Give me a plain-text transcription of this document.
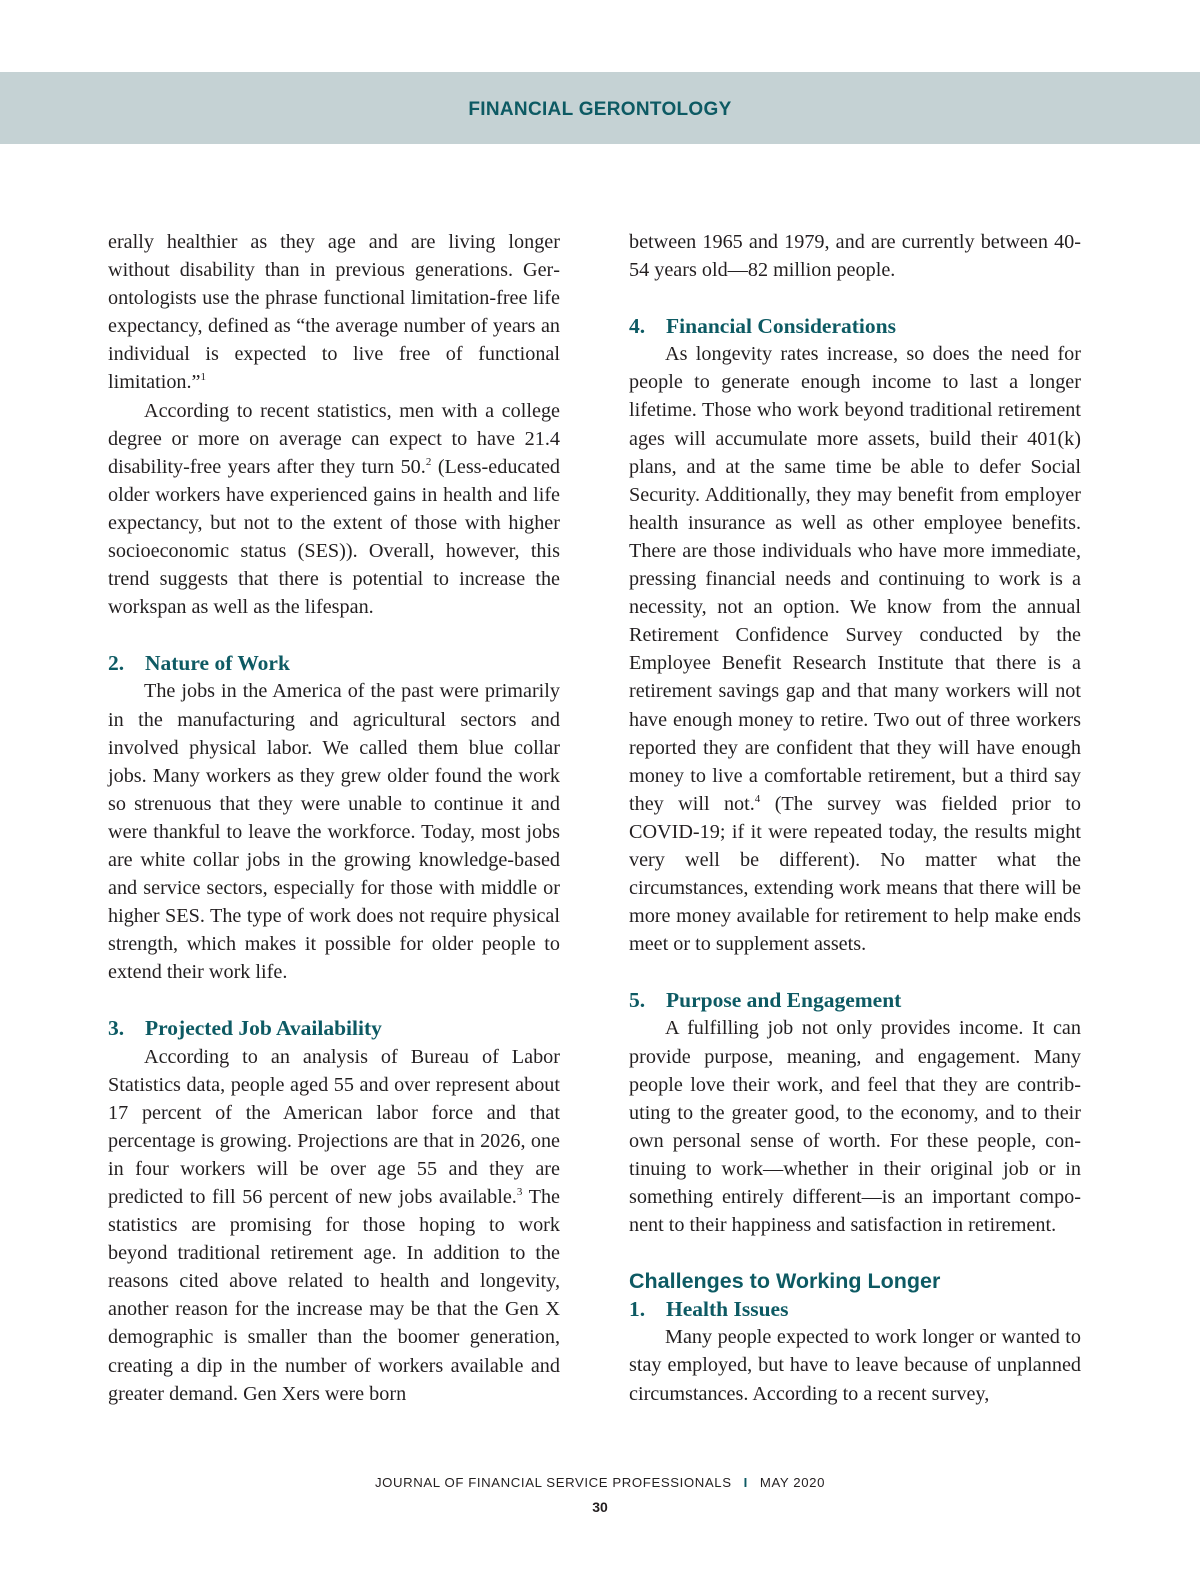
FINANCIAL GERONTOLOGY

erally healthier as they age and are living longer without disability than in previous generations. Gerontologists use the phrase functional limitation-free life expectancy, defined as “the average number of years an individual is expected to live free of functional limitation.”$^1$

According to recent statistics, men with a college degree or more on average can expect to have 21.4 disability-free years after they turn 50.$^2$ (Less-educated older workers have experienced gains in health and life expectancy, but not to the extent of those with higher socioeconomic status (SES)). Overall, however, this trend suggests that there is potential to increase the workspan as well as the lifespan.

2. Nature of Work

The jobs in the America of the past were primarily in the manufacturing and agricultural sectors and involved physical labor. We called them blue collar jobs. Many workers as they grew older found the work so strenuous that they were unable to continue it and were thankful to leave the workforce. Today, most jobs are white collar jobs in the growing knowledge-based and service sectors, especially for those with middle or higher SES. The type of work does not require physical strength, which makes it possible for older people to extend their work life.

3. Projected Job Availability

According to an analysis of Bureau of Labor Statistics data, people aged 55 and over represent about 17 percent of the American labor force and that percentage is growing. Projections are that in 2026, one in four workers will be over age 55 and they are predicted to fill 56 percent of new jobs available.$^3$ The statistics are promising for those hoping to work beyond traditional retirement age. In addition to the reasons cited above related to health and longevity, another reason for the increase may be that the Gen X demographic is smaller than the boomer generation, creating a dip in the number of workers available and greater demand. Gen Xers were born

between 1965 and 1979, and are currently between 40-54 years old—82 million people.

4. Financial Considerations

As longevity rates increase, so does the need for people to generate enough income to last a longer lifetime. Those who work beyond traditional retirement ages will accumulate more assets, build their 401(k) plans, and at the same time be able to defer Social Security. Additionally, they may benefit from employer health insurance as well as other employee benefits. There are those individuals who have more immediate, pressing financial needs and continuing to work is a necessity, not an option. We know from the annual Retirement Confidence Survey conducted by the Employee Benefit Research Institute that there is a retirement savings gap and that many workers will not have enough money to retire. Two out of three workers reported they are confident that they will have enough money to live a comfortable retirement, but a third say they will not.$^4$ (The survey was fielded prior to COVID-19; if it were repeated today, the results might very well be different). No matter what the circumstances, extending work means that there will be more money available for retirement to help make ends meet or to supplement assets.

5. Purpose and Engagement

A fulfilling job not only provides income. It can provide purpose, meaning, and engagement. Many people love their work, and feel that they are contributing to the greater good, to the economy, and to their own personal sense of worth. For these people, continuing to work—whether in their original job or in something entirely different—is an important component to their happiness and satisfaction in retirement.

Challenges to Working Longer
1. Health Issues

Many people expected to work longer or wanted to stay employed, but have to leave because of unplanned circumstances. According to a recent survey,

JOURNAL OF FINANCIAL SERVICE PROFESSIONALS I MAY 2020
30
